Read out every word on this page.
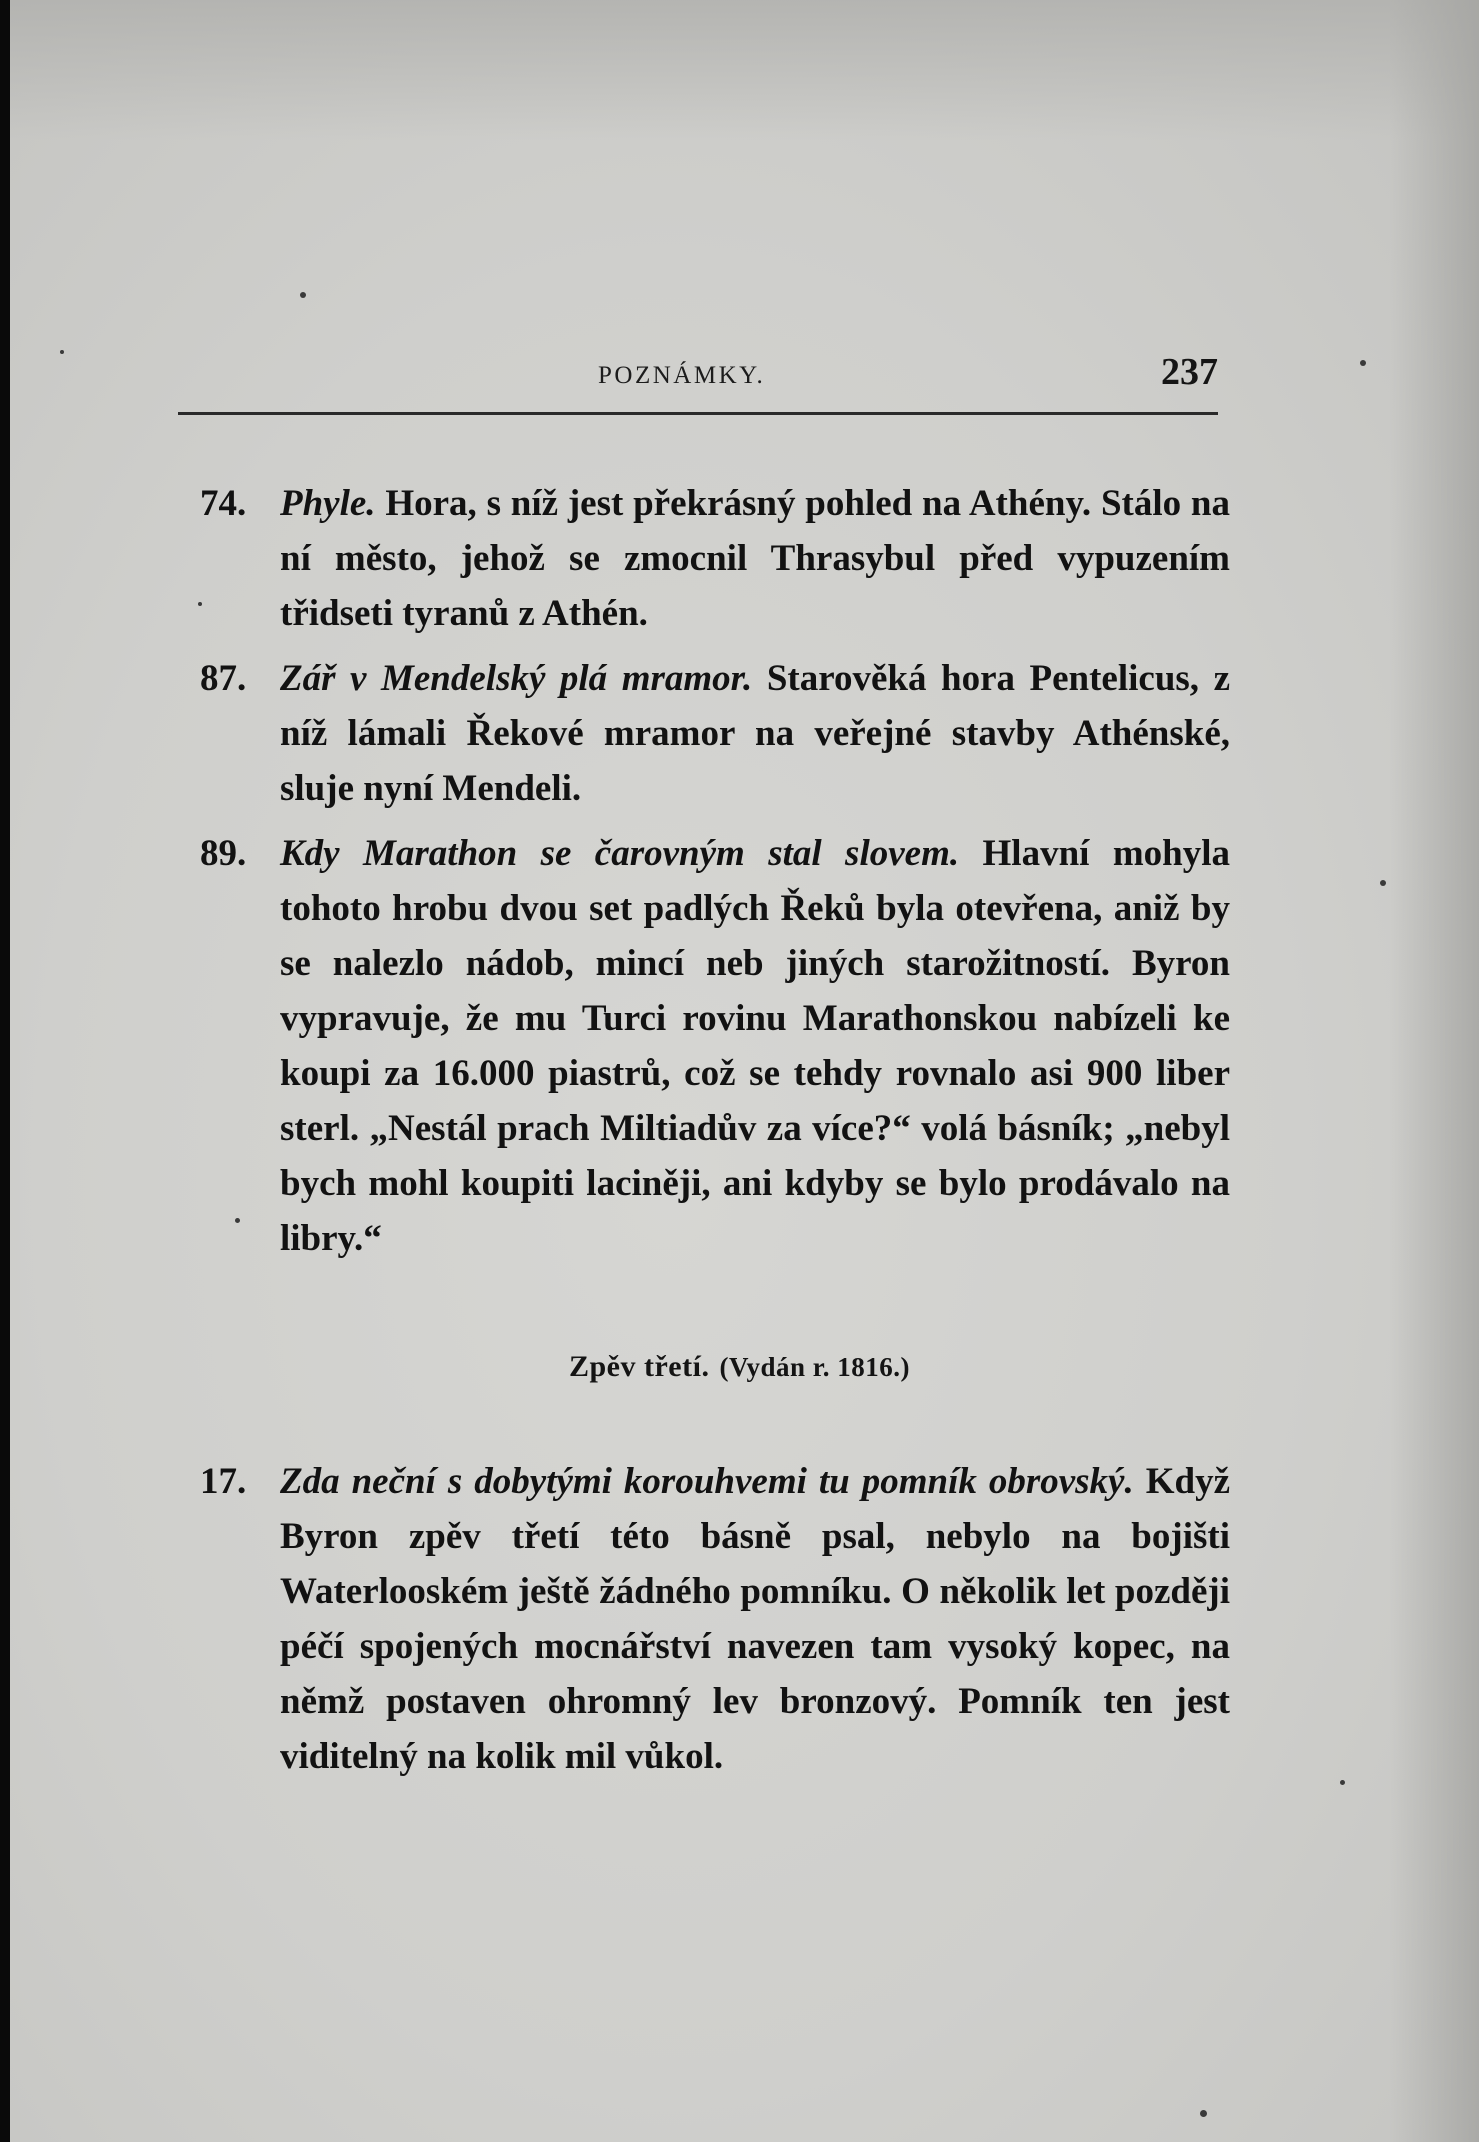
POZNÁMKY.	237

74. Phyle. Hora, s níž jest překrásný pohled na Athény. Stálo na ní město, jehož se zmocnil Thrasybul před vypuzením třidseti tyranů z Athén.

87. Zář v Mendelský plá mramor. Starověká hora Pentelicus, z níž lámali Řekové mramor na veřejné stavby Athénské, sluje nyní Mendeli.

89. Kdy Marathon se čarovným stal slovem. Hlavní mohyla tohoto hrobu dvou set padlých Řeků byla otevřena, aniž by se nalezlo nádob, mincí neb jiných starožitností. Byron vypravuje, že mu Turci rovinu Marathonskou nabízeli ke koupi za 16.000 piastrů, což se tehdy rovnalo asi 900 liber sterl. „Nestál prach Miltiadův za více?“ volá básník; „nebyl bych mohl koupiti laciněji, ani kdyby se bylo prodávalo na libry.“

Zpěv třetí. (Vydán r. 1816.)

17. Zda neční s dobytými korouhvemi tu pomník obrovský. Když Byron zpěv třetí této básně psal, nebylo na bojišti Waterlooském ještě žádného pomníku. O několik let později péčí spojených mocnářství navezen tam vysoký kopec, na němž postaven ohromný lev bronzový. Pomník ten jest viditelný na kolik mil vůkol.
